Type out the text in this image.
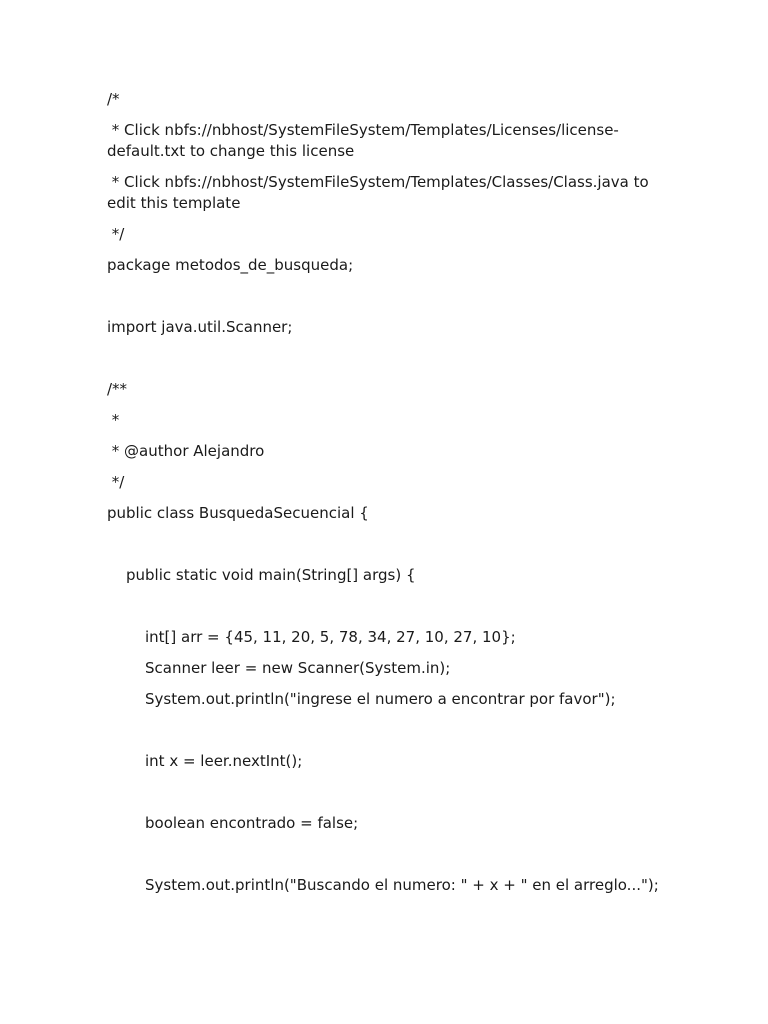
/*
* Click nbfs://nbhost/SystemFileSystem/Templates/Licenses/license-default.txt to change this license
* Click nbfs://nbhost/SystemFileSystem/Templates/Classes/Class.java to edit this template
*/
package metodos_de_busqueda;
import java.util.Scanner;
/**
*
* @author Alejandro
*/
public class BusquedaSecuencial {
public static void main(String[] args) {
int[] arr = {45, 11, 20, 5, 78, 34, 27, 10, 27, 10};
Scanner leer = new Scanner(System.in);
System.out.println("ingrese el numero a encontrar por favor");
int x = leer.nextInt();
boolean encontrado = false;
System.out.println("Buscando el numero: " + x + " en el arreglo...");
